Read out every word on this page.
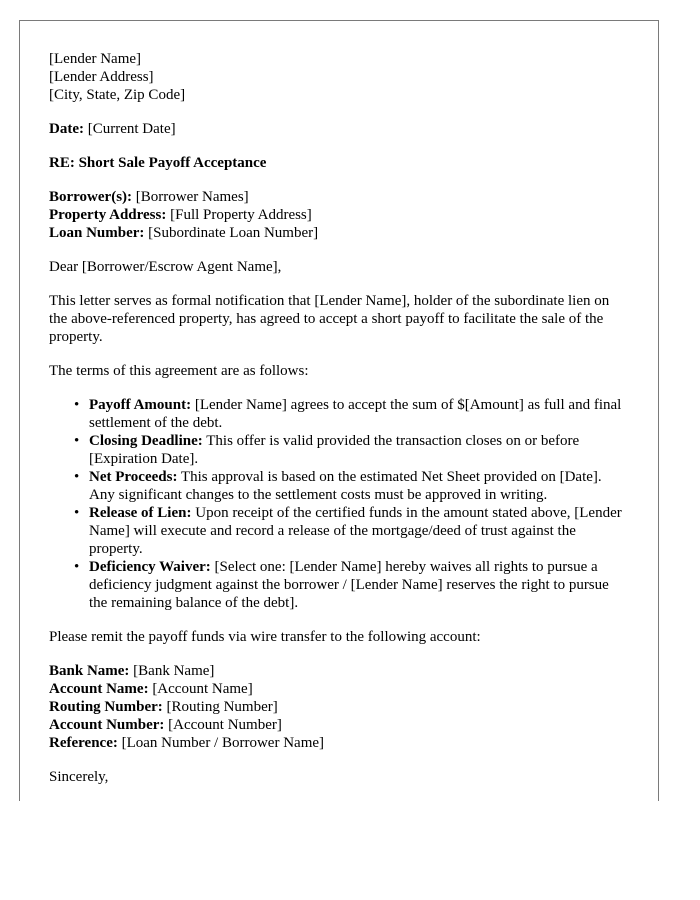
[Lender Name]
[Lender Address]
[City, State, Zip Code]
Date: [Current Date]
RE: Short Sale Payoff Acceptance
Borrower(s): [Borrower Names]
Property Address: [Full Property Address]
Loan Number: [Subordinate Loan Number]
Dear [Borrower/Escrow Agent Name],
This letter serves as formal notification that [Lender Name], holder of the subordinate lien on the above-referenced property, has agreed to accept a short payoff to facilitate the sale of the property.
The terms of this agreement are as follows:
• Payoff Amount: [Lender Name] agrees to accept the sum of $[Amount] as full and final settlement of the debt.
• Closing Deadline: This offer is valid provided the transaction closes on or before [Expiration Date].
• Net Proceeds: This approval is based on the estimated Net Sheet provided on [Date]. Any significant changes to the settlement costs must be approved in writing.
• Release of Lien: Upon receipt of the certified funds in the amount stated above, [Lender Name] will execute and record a release of the mortgage/deed of trust against the property.
• Deficiency Waiver: [Select one: [Lender Name] hereby waives all rights to pursue a deficiency judgment against the borrower / [Lender Name] reserves the right to pursue the remaining balance of the debt].
Please remit the payoff funds via wire transfer to the following account:
Bank Name: [Bank Name]
Account Name: [Account Name]
Routing Number: [Routing Number]
Account Number: [Account Number]
Reference: [Loan Number / Borrower Name]
Sincerely,
